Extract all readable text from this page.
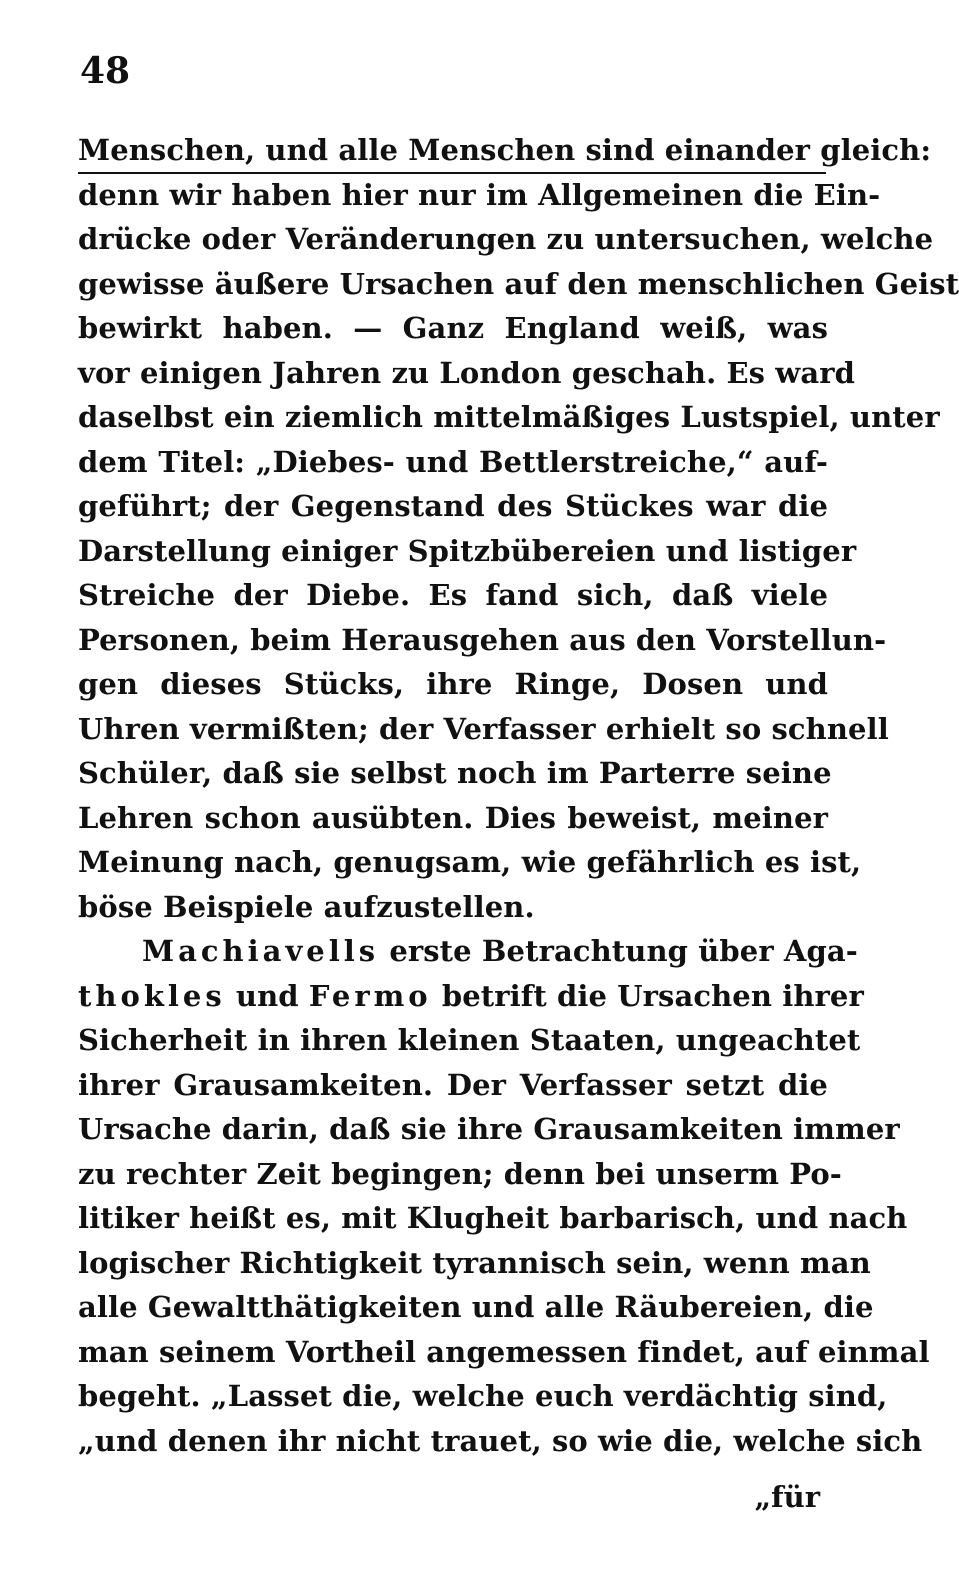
48
Menschen, und alle Menschen sind einander gleich:
denn wir haben hier nur im Allgemeinen die Ein-
drücke oder Veränderungen zu untersuchen, welche
gewisse äußere Ursachen auf den menschlichen Geist
bewirkt haben. — Ganz England weiß, was
vor einigen Jahren zu London geschah. Es ward
daselbst ein ziemlich mittelmäßiges Lustspiel, unter
dem Titel: „Diebes- und Bettlerstreiche,“ auf-
geführt; der Gegenstand des Stückes war die
Darstellung einiger Spitzbübereien und listiger
Streiche der Diebe. Es fand sich, daß viele
Personen, beim Herausgehen aus den Vorstellun-
gen dieses Stücks, ihre Ringe, Dosen und
Uhren vermißten; der Verfasser erhielt so schnell
Schüler, daß sie selbst noch im Parterre seine
Lehren schon ausübten. Dies beweist, meiner
Meinung nach, genugsam, wie gefährlich es ist,
böse Beispiele aufzustellen.
Machiavells erste Betrachtung über Aga-
thokles und Fermo betrift die Ursachen ihrer
Sicherheit in ihren kleinen Staaten, ungeachtet
ihrer Grausamkeiten. Der Verfasser setzt die
Ursache darin, daß sie ihre Grausamkeiten immer
zu rechter Zeit begingen; denn bei unserm Po-
litiker heißt es, mit Klugheit barbarisch, und nach
logischer Richtigkeit tyrannisch sein, wenn man
alle Gewaltthätigkeiten und alle Räubereien, die
man seinem Vortheil angemessen findet, auf einmal
begeht. „Lasset die, welche euch verdächtig sind,
„und denen ihr nicht trauet, so wie die, welche sich
„für
